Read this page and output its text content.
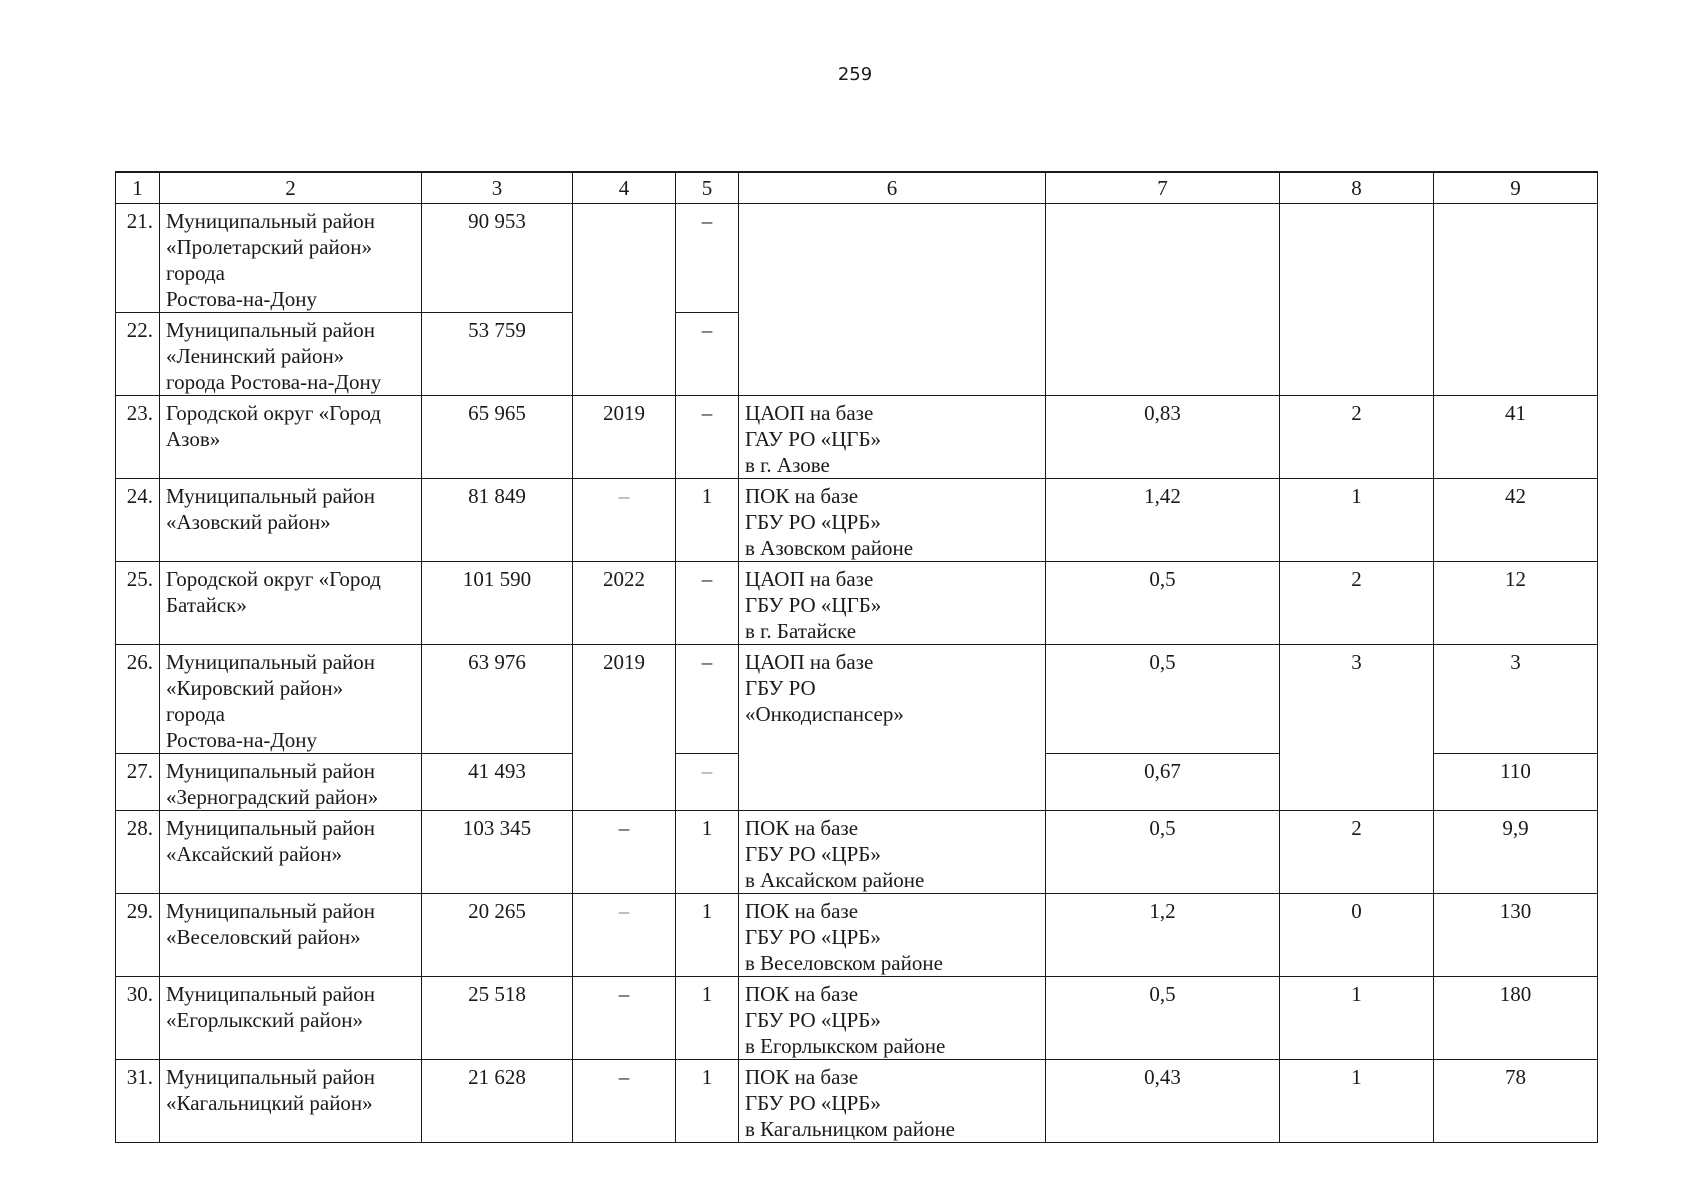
259
1	2	3	4	5	6	7	8	9
21.	Муниципальный район
«Пролетарский район»
города
Ростова-на-Дону	90 953		–				
22.	Муниципальный район
«Ленинский район»
города Ростова-на-Дону	53 759		–				
23.	Городской округ «Город
Азов»	65 965	2019	–	ЦАОП на базе
ГАУ РО «ЦГБ»
в г. Азове	0,83	2	41
24.	Муниципальный район
«Азовский район»	81 849	–	1	ПОК на базе
ГБУ РО «ЦРБ»
в Азовском районе	1,42	1	42
25.	Городской округ «Город
Батайск»	101 590	2022	–	ЦАОП на базе
ГБУ РО «ЦГБ»
в г. Батайске	0,5	2	12
26.	Муниципальный район
«Кировский район»
города
Ростова-на-Дону	63 976	2019	–	ЦАОП на базе
ГБУ РО
«Онкодиспансер»	0,5	3	3
27.	Муниципальный район
«Зерноградский район»	41 493		–		0,67		110
28.	Муниципальный район
«Аксайский район»	103 345	–	1	ПОК на базе
ГБУ РО «ЦРБ»
в Аксайском районе	0,5	2	9,9
29.	Муниципальный район
«Веселовский район»	20 265	–	1	ПОК на базе
ГБУ РО «ЦРБ»
в Веселовском районе	1,2	0	130
30.	Муниципальный район
«Егорлыкский район»	25 518	–	1	ПОК на базе
ГБУ РО «ЦРБ»
в Егорлыкском районе	0,5	1	180
31.	Муниципальный район
«Кагальницкий район»	21 628	–	1	ПОК на базе
ГБУ РО «ЦРБ»
в Кагальницком районе	0,43	1	78
